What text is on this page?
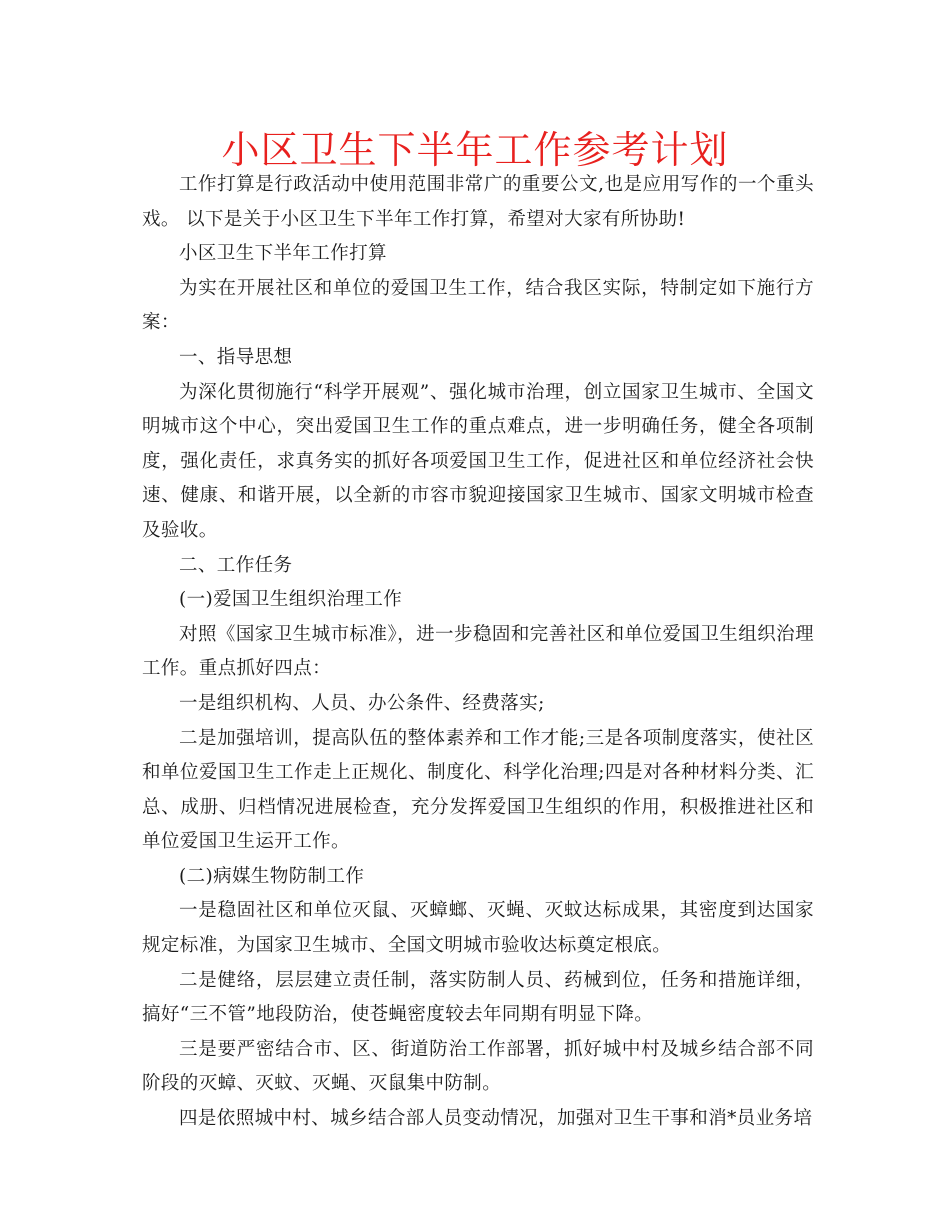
小区卫生下半年工作参考计划

工作打算是行政活动中使用范围非常广的重要公文,也是应用写作的一个重头戏。 以下是关于小区卫生下半年工作打算，希望对大家有所协助!

小区卫生下半年工作打算

为实在开展社区和单位的爱国卫生工作，结合我区实际，特制定如下施行方案：

一、指导思想

为深化贯彻施行“科学开展观”、强化城市治理，创立国家卫生城市、全国文明城市这个中心，突出爱国卫生工作的重点难点，进一步明确任务，健全各项制度，强化责任，求真务实的抓好各项爱国卫生工作，促进社区和单位经济社会快速、健康、和谐开展，以全新的市容市貌迎接国家卫生城市、国家文明城市检查及验收。

二、工作任务

(一)爱国卫生组织治理工作

对照《国家卫生城市标准》，进一步稳固和完善社区和单位爱国卫生组织治理工作。重点抓好四点：

一是组织机构、人员、办公条件、经费落实;

二是加强培训，提高队伍的整体素养和工作才能;三是各项制度落实，使社区和单位爱国卫生工作走上正规化、制度化、科学化治理;四是对各种材料分类、汇总、成册、归档情况进展检查，充分发挥爱国卫生组织的作用，积极推进社区和单位爱国卫生运开工作。

(二)病媒生物防制工作

一是稳固社区和单位灭鼠、灭蟑螂、灭蝇、灭蚊达标成果，其密度到达国家规定标准，为国家卫生城市、全国文明城市验收达标奠定根底。

二是健络，层层建立责任制，落实防制人员、药械到位，任务和措施详细，搞好“三不管”地段防治，使苍蝇密度较去年同期有明显下降。

三是要严密结合市、区、街道防治工作部署，抓好城中村及城乡结合部不同阶段的灭蟑、灭蚊、灭蝇、灭鼠集中防制。

四是依照城中村、城乡结合部人员变动情况，加强对卫生干事和消*员业务培
